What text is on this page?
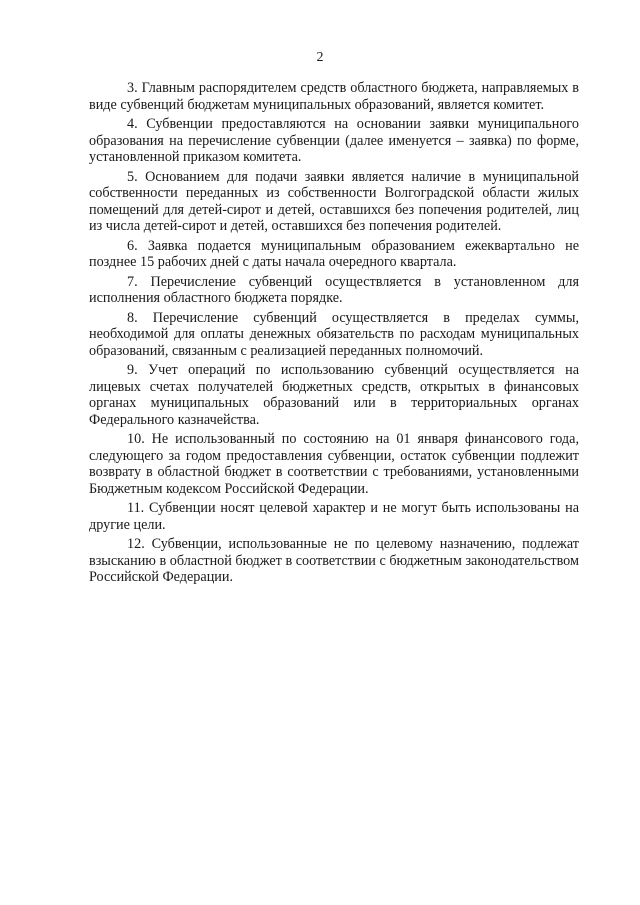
2

3. Главным распорядителем средств областного бюджета, направляемых в виде субвенций бюджетам муниципальных образований, является комитет.

4. Субвенции предоставляются на основании заявки муниципального образования на перечисление субвенции (далее именуется – заявка) по форме, установленной приказом комитета.

5. Основанием для подачи заявки является наличие в муниципальной собственности переданных из собственности Волгоградской области жилых помещений для детей-сирот и детей, оставшихся без попечения родителей, лиц из числа детей-сирот и детей, оставшихся без попечения родителей.

6. Заявка подается муниципальным образованием ежеквартально не позднее 15 рабочих дней с даты начала очередного квартала.

7. Перечисление субвенций осуществляется в установленном для исполнения областного бюджета порядке.

8. Перечисление субвенций осуществляется в пределах суммы, необходимой для оплаты денежных обязательств по расходам муниципальных образований, связанным с реализацией переданных полномочий.

9. Учет операций по использованию субвенций осуществляется на лицевых счетах получателей бюджетных средств, открытых в финансовых органах муниципальных образований или в территориальных органах Федерального казначейства.

10. Не использованный по состоянию на 01 января финансового года, следующего за годом предоставления субвенции, остаток субвенции подлежит возврату в областной бюджет в соответствии с требованиями, установленными Бюджетным кодексом Российской Федерации.

11. Субвенции носят целевой характер и не могут быть использованы на другие цели.

12. Субвенции, использованные не по целевому назначению, подлежат взысканию в областной бюджет в соответствии с бюджетным законодательством Российской Федерации.
